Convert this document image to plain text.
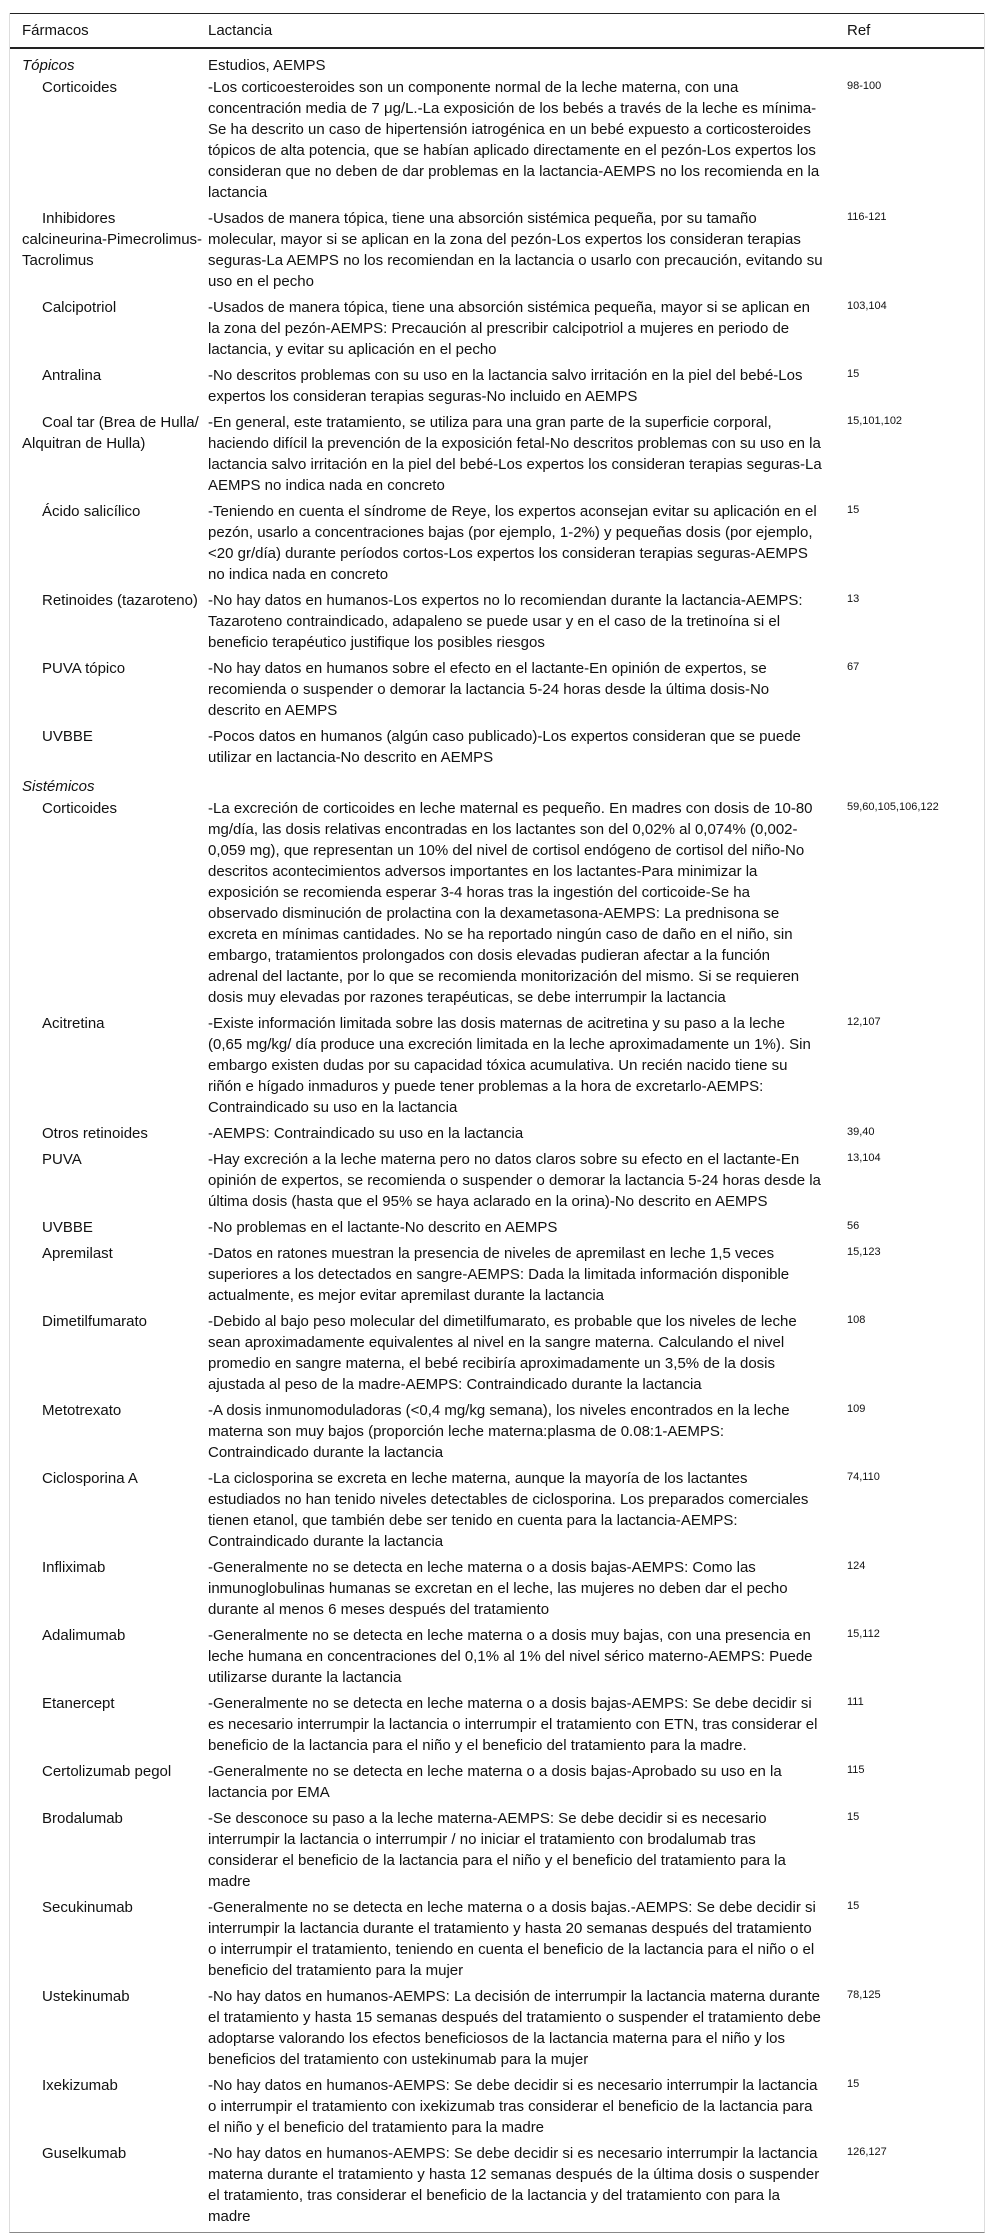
Fármacos	Lactancia	Ref
Tópicos	Estudios, AEMPS	

Corticoides	-Los corticoesteroides son un componente normal de la leche materna, con una concentración media de 7 μg/L.-La exposición de los bebés a través de la leche es mínima-Se ha descrito un caso de hipertensión iatrogénica en un bebé expuesto a corticosteroides tópicos de alta potencia, que se habían aplicado directamente en el pezón-Los expertos los consideran que no deben de dar problemas en la lactancia-AEMPS no los recomienda en la lactancia	98-100

Inhibidores calcineurina-Pimecrolimus-Tacrolimus	-Usados de manera tópica, tiene una absorción sistémica pequeña, por su tamaño molecular, mayor si se aplican en la zona del pezón-Los expertos los consideran terapias seguras-La AEMPS no los recomiendan en la lactancia o usarlo con precaución, evitando su uso en el pecho	116-121

Calcipotriol	-Usados de manera tópica, tiene una absorción sistémica pequeña, mayor si se aplican en la zona del pezón-AEMPS: Precaución al prescribir calcipotriol a mujeres en periodo de lactancia, y evitar su aplicación en el pecho	103,104

Antralina	-No descritos problemas con su uso en la lactancia salvo irritación en la piel del bebé-Los expertos los consideran terapias seguras-No incluido en AEMPS	15

Coal tar (Brea de Hulla/ Alquitran de Hulla)	-En general, este tratamiento, se utiliza para una gran parte de la superficie corporal, haciendo difícil la prevención de la exposición fetal-No descritos problemas con su uso en la lactancia salvo irritación en la piel del bebé-Los expertos los consideran terapias seguras-La AEMPS no indica nada en concreto	15,101,102

Ácido salicílico	-Teniendo en cuenta el síndrome de Reye, los expertos aconsejan evitar su aplicación en el pezón, usarlo a concentraciones bajas (por ejemplo, 1-2%) y pequeñas dosis (por ejemplo, <20 gr/día) durante períodos cortos-Los expertos los consideran terapias seguras-AEMPS no indica nada en concreto	15

Retinoides (tazaroteno)	-No hay datos en humanos-Los expertos no lo recomiendan durante la lactancia-AEMPS: Tazaroteno contraindicado, adapaleno se puede usar y en el caso de la tretinoína si el beneficio terapéutico justifique los posibles riesgos	13

PUVA tópico	-No hay datos en humanos sobre el efecto en el lactante-En opinión de expertos, se recomienda o suspender o demorar la lactancia 5-24 horas desde la última dosis-No descrito en AEMPS	67

UVBBE	-Pocos datos en humanos (algún caso publicado)-Los expertos consideran que se puede utilizar en lactancia-No descrito en AEMPS	
Sistémicos		

Corticoides	-La excreción de corticoides en leche maternal es pequeño. En madres con dosis de 10-80 mg/día, las dosis relativas encontradas en los lactantes son del 0,02% al 0,074% (0,002-0,059 mg), que representan un 10% del nivel de cortisol endógeno de cortisol del niño-No descritos acontecimientos adversos importantes en los lactantes-Para minimizar la exposición se recomienda esperar 3-4 horas tras la ingestión del corticoide-Se ha observado disminución de prolactina con la dexametasona-AEMPS: La prednisona se excreta en mínimas cantidades. No se ha reportado ningún caso de daño en el niño, sin embargo, tratamientos prolongados con dosis elevadas pudieran afectar a la función adrenal del lactante, por lo que se recomienda monitorización del mismo. Si se requieren dosis muy elevadas por razones terapéuticas, se debe interrumpir la lactancia	59,60,105,106,122

Acitretina	-Existe información limitada sobre las dosis maternas de acitretina y su paso a la leche (0,65 mg/kg/ día produce una excreción limitada en la leche aproximadamente un 1%). Sin embargo existen dudas por su capacidad tóxica acumulativa. Un recién nacido tiene su riñón e hígado inmaduros y puede tener problemas a la hora de excretarlo-AEMPS: Contraindicado su uso en la lactancia	12,107

Otros retinoides	-AEMPS: Contraindicado su uso en la lactancia	39,40

PUVA	-Hay excreción a la leche materna pero no datos claros sobre su efecto en el lactante-En opinión de expertos, se recomienda o suspender o demorar la lactancia 5-24 horas desde la última dosis (hasta que el 95% se haya aclarado en la orina)-No descrito en AEMPS	13,104

UVBBE	-No problemas en el lactante-No descrito en AEMPS	56

Apremilast	-Datos en ratones muestran la presencia de niveles de apremilast en leche 1,5 veces superiores a los detectados en sangre-AEMPS: Dada la limitada información disponible actualmente, es mejor evitar apremilast durante la lactancia	15,123

Dimetilfumarato	-Debido al bajo peso molecular del dimetilfumarato, es probable que los niveles de leche sean aproximadamente equivalentes al nivel en la sangre materna. Calculando el nivel promedio en sangre materna, el bebé recibiría aproximadamente un 3,5% de la dosis ajustada al peso de la madre-AEMPS: Contraindicado durante la lactancia	108

Metotrexato	-A dosis inmunomoduladoras (<0,4 mg/kg semana), los niveles encontrados en la leche materna son muy bajos (proporción leche materna:plasma de 0.08:1-AEMPS: Contraindicado durante la lactancia	109

Ciclosporina A	-La ciclosporina se excreta en leche materna, aunque la mayoría de los lactantes estudiados no han tenido niveles detectables de ciclosporina. Los preparados comerciales tienen etanol, que también debe ser tenido en cuenta para la lactancia-AEMPS: Contraindicado durante la lactancia	74,110

Infliximab	-Generalmente no se detecta en leche materna o a dosis bajas-AEMPS: Como las inmunoglobulinas humanas se excretan en el leche, las mujeres no deben dar el pecho durante al menos 6 meses después del tratamiento	124

Adalimumab	-Generalmente no se detecta en leche materna o a dosis muy bajas, con una presencia en leche humana en concentraciones del 0,1% al 1% del nivel sérico materno-AEMPS: Puede utilizarse durante la lactancia	15,112

Etanercept	-Generalmente no se detecta en leche materna o a dosis bajas-AEMPS: Se debe decidir si es necesario interrumpir la lactancia o interrumpir el tratamiento con ETN, tras considerar el beneficio de la lactancia para el niño y el beneficio del tratamiento para la madre.	111

Certolizumab pegol	-Generalmente no se detecta en leche materna o a dosis bajas-Aprobado su uso en la lactancia por EMA	115

Brodalumab	-Se desconoce su paso a la leche materna-AEMPS: Se debe decidir si es necesario interrumpir la lactancia o interrumpir / no iniciar el tratamiento con brodalumab tras considerar el beneficio de la lactancia para el niño y el beneficio del tratamiento para la madre	15

Secukinumab	-Generalmente no se detecta en leche materna o a dosis bajas.-AEMPS: Se debe decidir si interrumpir la lactancia durante el tratamiento y hasta 20 semanas después del tratamiento o interrumpir el tratamiento, teniendo en cuenta el beneficio de la lactancia para el niño o el beneficio del tratamiento para la mujer	15

Ustekinumab	-No hay datos en humanos-AEMPS: La decisión de interrumpir la lactancia materna durante el tratamiento y hasta 15 semanas después del tratamiento o suspender el tratamiento debe adoptarse valorando los efectos beneficiosos de la lactancia materna para el niño y los beneficios del tratamiento con ustekinumab para la mujer	78,125

Ixekizumab	-No hay datos en humanos-AEMPS: Se debe decidir si es necesario interrumpir la lactancia o interrumpir el tratamiento con ixekizumab tras considerar el beneficio de la lactancia para el niño y el beneficio del tratamiento para la madre	15

Guselkumab	-No hay datos en humanos-AEMPS: Se debe decidir si es necesario interrumpir la lactancia materna durante el tratamiento y hasta 12 semanas después de la última dosis o suspender el tratamiento, tras considerar el beneficio de la lactancia y del tratamiento con para la madre	126,127
